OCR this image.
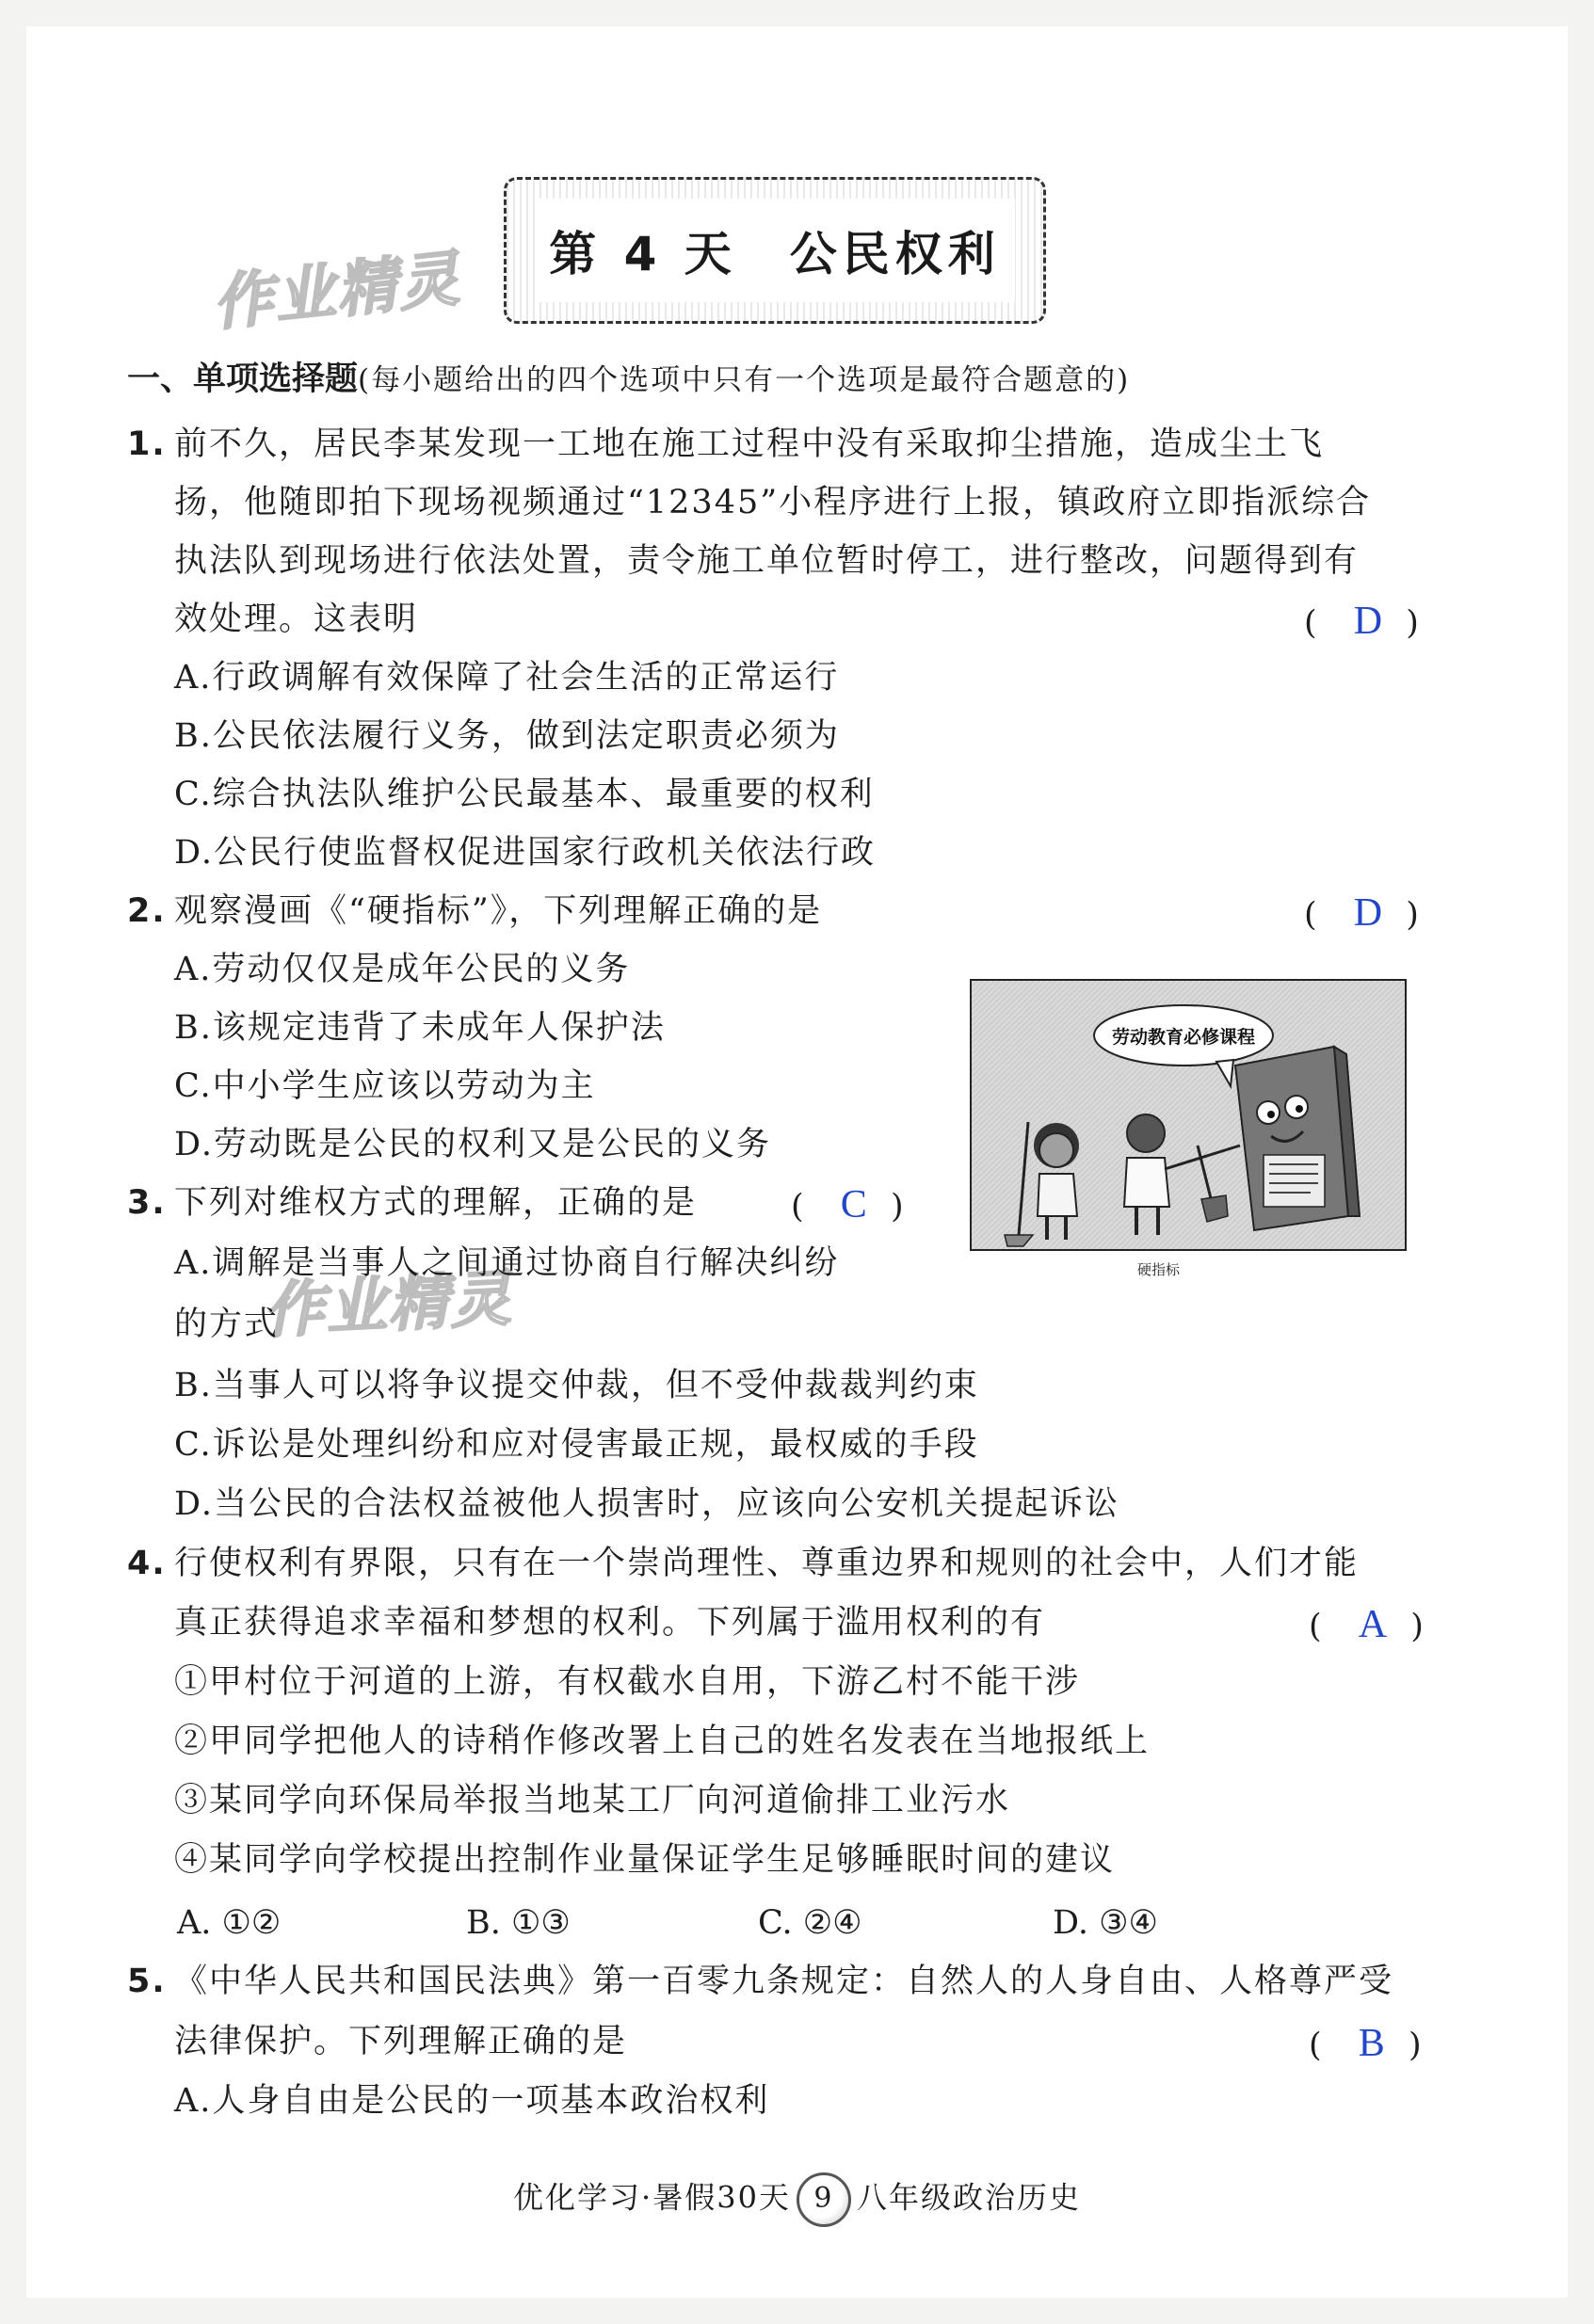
作业精灵
作业精灵
第 4 天　公民权利
一、单项选择题(每小题给出的四个选项中只有一个选项是最符合题意的)
1. 前不久，居民李某发现一工地在施工过程中没有采取抑尘措施，造成尘土飞
扬，他随即拍下现场视频通过“12345”小程序进行上报，镇政府立即指派综合
执法队到现场进行依法处置，责令施工单位暂时停工，进行整改，问题得到有
效处理。这表明	( D )
A.行政调解有效保障了社会生活的正常运行
B.公民依法履行义务，做到法定职责必须为
C.综合执法队维护公民最基本、最重要的权利
D.公民行使监督权促进国家行政机关依法行政
2. 观察漫画《“硬指标”》，下列理解正确的是	( D )
A.劳动仅仅是成年公民的义务
B.该规定违背了未成年人保护法
C.中小学生应该以劳动为主
D.劳动既是公民的权利又是公民的义务
劳动教育必修课程
硬指标
3. 下列对维权方式的理解，正确的是	( C )
A.调解是当事人之间通过协商自行解决纠纷
的方式
B.当事人可以将争议提交仲裁，但不受仲裁裁判约束
C.诉讼是处理纠纷和应对侵害最正规，最权威的手段
D.当公民的合法权益被他人损害时，应该向公安机关提起诉讼
4. 行使权利有界限，只有在一个崇尚理性、尊重边界和规则的社会中，人们才能
真正获得追求幸福和梦想的权利。下列属于滥用权利的有	( A )
①甲村位于河道的上游，有权截水自用，下游乙村不能干涉
②甲同学把他人的诗稍作修改署上自己的姓名发表在当地报纸上
③某同学向环保局举报当地某工厂向河道偷排工业污水
④某同学向学校提出控制作业量保证学生足够睡眠时间的建议
A. ①②	B. ①③	C. ②④	D. ③④
5. 《中华人民共和国民法典》第一百零九条规定：自然人的人身自由、人格尊严受
法律保护。下列理解正确的是	( B )
A.人身自由是公民的一项基本政治权利
优化学习·暑假30天 9 八年级政治历史
